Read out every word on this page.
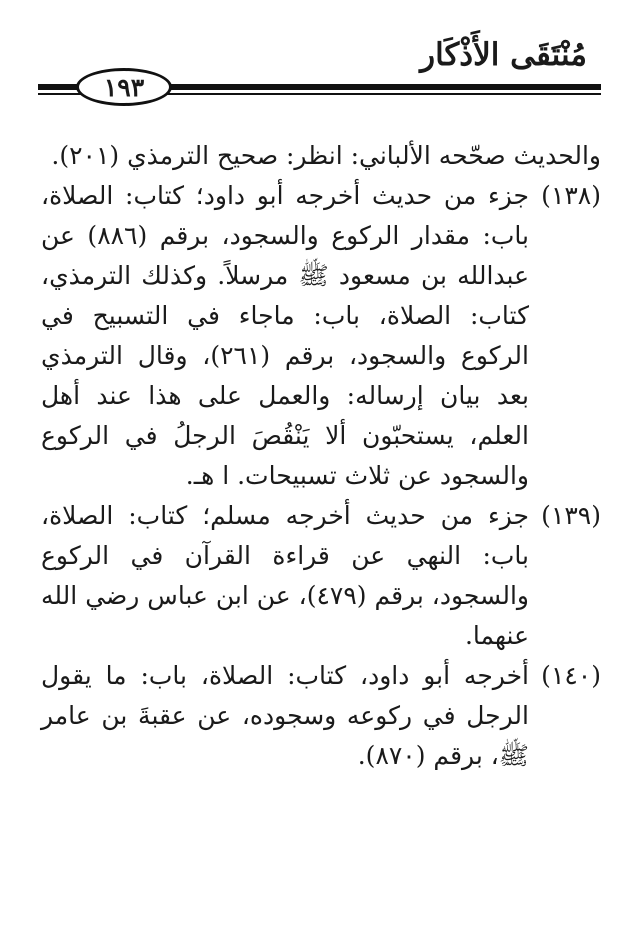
مُنْتَقَى الأَذْكَار
١٩٣

والحديث صحّحه الألباني: انظر: صحيح الترمذي (٢٠١).

(١٣٨)
جزء من حديث أخرجه أبو داود؛ كتاب: الصلاة، باب: مقدار الركوع والسجود، برقم (٨٨٦) عن عبدالله بن مسعود ﷺ مرسلاً. وكذلك الترمذي، كتاب: الصلاة، باب: ماجاء في التسبيح في الركوع والسجود، برقم (٢٦١)، وقال الترمذي بعد بيان إرساله: والعمل على هذا عند أهل العلم، يستحبّون ألا يَنْقُصَ الرجلُ في الركوع والسجود عن ثلاث تسبيحات. ا هـ.
(١٣٩)
جزء من حديث أخرجه مسلم؛ كتاب: الصلاة، باب: النهي عن قراءة القرآن في الركوع والسجود، برقم (٤٧٩)، عن ابن عباس رضي الله عنهما.
(١٤٠)
أخرجه أبو داود، كتاب: الصلاة، باب: ما يقول الرجل في ركوعه وسجوده، عن عقبةَ بن عامر ﷺ، برقم (٨٧٠).
